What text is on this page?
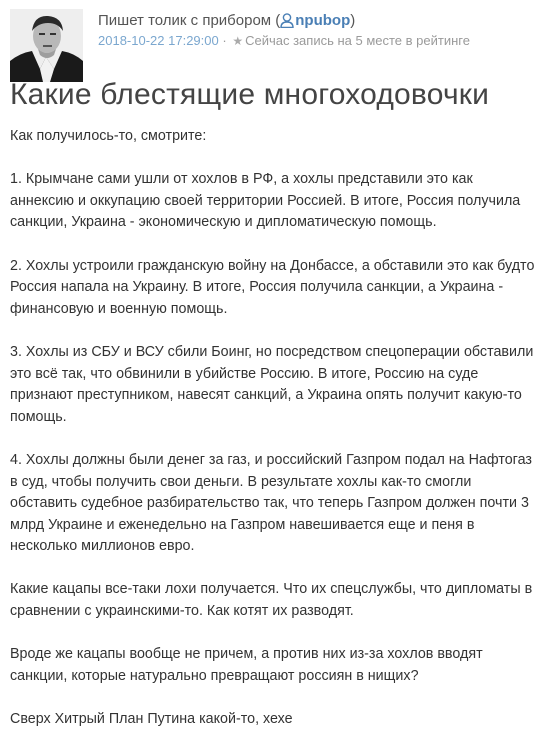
Пишет толик с прибором ( npubop)
2018-10-22 17:29:00 · ★ Сейчас запись на 5 месте в рейтинге
Какие блестящие многоходовочки

Как получилось-то, смотрите:

1. Крымчане сами ушли от хохлов в РФ, а хохлы представили это как аннексию и оккупацию своей территории Россией. В итоге, Россия получила санкции, Украина - экономическую и дипломатическую помощь.

2. Хохлы устроили гражданскую войну на Донбассе, а обставили это как будто Россия напала на Украину. В итоге, Россия получила санкции, а Украина - финансовую и военную помощь.

3. Хохлы из СБУ и ВСУ сбили Боинг, но посредством спецоперации обставили это всё так, что обвинили в убийстве Россию. В итоге, Россию на суде признают преступником, навесят санкций, а Украина опять получит какую-то помощь.

4. Хохлы должны были денег за газ, и российский Газпром подал на Нафтогаз в суд, чтобы получить свои деньги. В результате хохлы как-то смогли обставить судебное разбирательство так, что теперь Газпром должен почти 3 млрд Украине и еженедельно на Газпром навешивается еще и пеня в несколько миллионов евро.

Какие кацапы все-таки лохи получается. Что их спецслужбы, что дипломаты в сравнении с украинскими-то. Как котят их разводят.

Вроде же кацапы вообще не причем, а против них из-за хохлов вводят санкции, которые натурально превращают россиян в нищих?

Сверх Хитрый План Путина какой-то, хехе
